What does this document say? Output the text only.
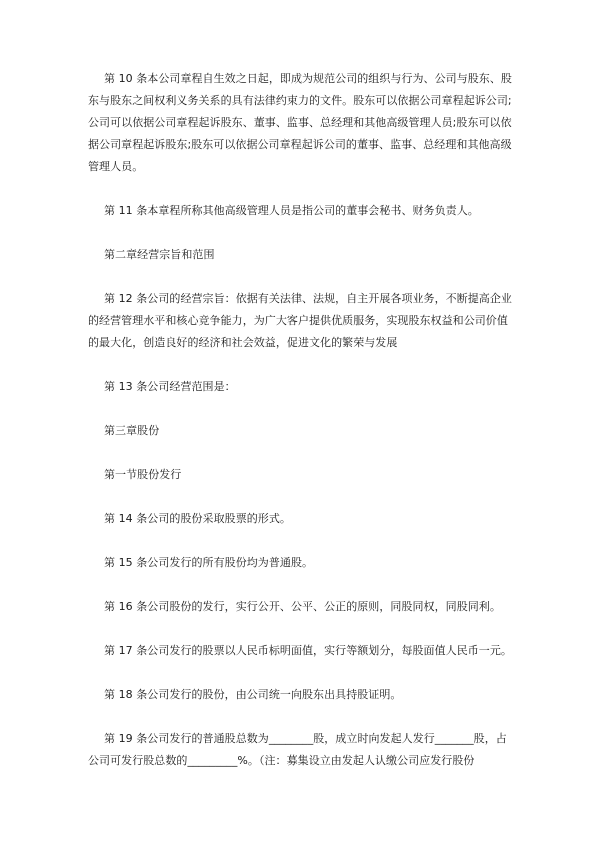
第 10 条本公司章程自生效之日起，即成为规范公司的组织与行为、公司与股东、股东与股东之间权利义务关系的具有法律约束力的文件。股东可以依据公司章程起诉公司;公司可以依据公司章程起诉股东、董事、监事、总经理和其他高级管理人员;股东可以依据公司章程起诉股东;股东可以依据公司章程起诉公司的董事、监事、总经理和其他高级管理人员。

第 11 条本章程所称其他高级管理人员是指公司的董事会秘书、财务负责人。

第二章经营宗旨和范围

第 12 条公司的经营宗旨：依据有关法律、法规，自主开展各项业务，不断提高企业的经营管理水平和核心竞争能力，为广大客户提供优质服务，实现股东权益和公司价值的最大化，创造良好的经济和社会效益，促进文化的繁荣与发展

第 13 条公司经营范围是：

第三章股份

第一节股份发行

第 14 条公司的股份采取股票的形式。

第 15 条公司发行的所有股份均为普通股。

第 16 条公司股份的发行，实行公开、公平、公正的原则，同股同权，同股同利。

第 17 条公司发行的股票以人民币标明面值，实行等额划分，每股面值人民币一元。

第 18 条公司发行的股份，由公司统一向股东出具持股证明。

第 19 条公司发行的普通股总数为________股，成立时向发起人发行_______股，占公司可发行股总数的_________%。（注：募集设立由发起人认缴公司应发行股份
